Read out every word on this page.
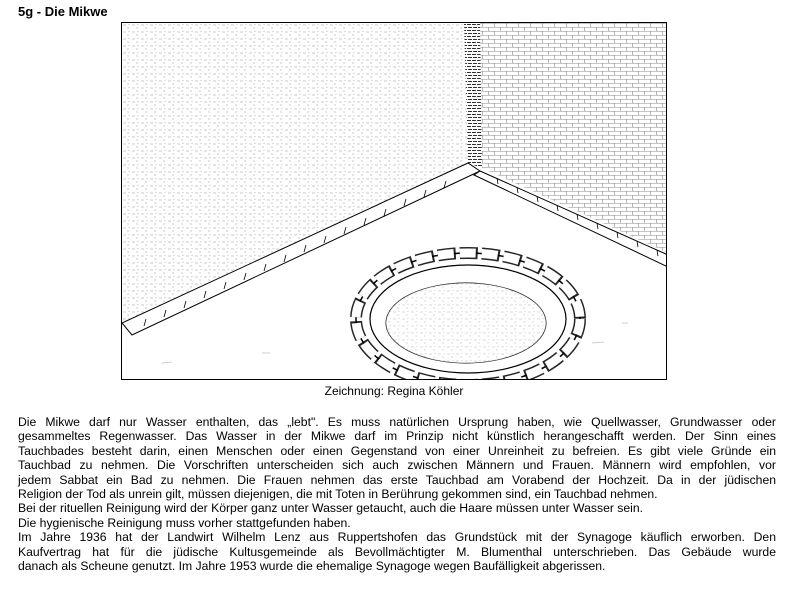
5g - Die Mikwe

Zeichnung: Regina Köhler

Die Mikwe darf nur Wasser enthalten, das „lebt". Es muss natürlichen Ursprung haben, wie Quellwasser, Grundwasser oder
gesammeltes Regenwasser. Das Wasser in der Mikwe darf im Prinzip nicht künstlich herangeschafft werden. Der Sinn eines
Tauchbades besteht darin, einen Menschen oder einen Gegenstand von einer Unreinheit zu befreien. Es gibt viele Gründe ein
Tauchbad zu nehmen. Die Vorschriften unterscheiden sich auch zwischen Männern und Frauen. Männern wird empfohlen, vor
jedem Sabbat ein Bad zu nehmen. Die Frauen nehmen das erste Tauchbad am Vorabend der Hochzeit. Da in der jüdischen
Religion der Tod als unrein gilt, müssen diejenigen, die mit Toten in Berührung gekommen sind, ein Tauchbad nehmen.
Bei der rituellen Reinigung wird der Körper ganz unter Wasser getaucht, auch die Haare müssen unter Wasser sein.
Die hygienische Reinigung muss vorher stattgefunden haben.
Im Jahre 1936 hat der Landwirt Wilhelm Lenz aus Ruppertshofen das Grundstück mit der Synagoge käuflich erworben. Den
Kaufvertrag hat für die jüdische Kultusgemeinde als Bevollmächtigter M. Blumenthal unterschrieben. Das Gebäude wurde
danach als Scheune genutzt. Im Jahre 1953 wurde die ehemalige Synagoge wegen Baufälligkeit abgerissen.
